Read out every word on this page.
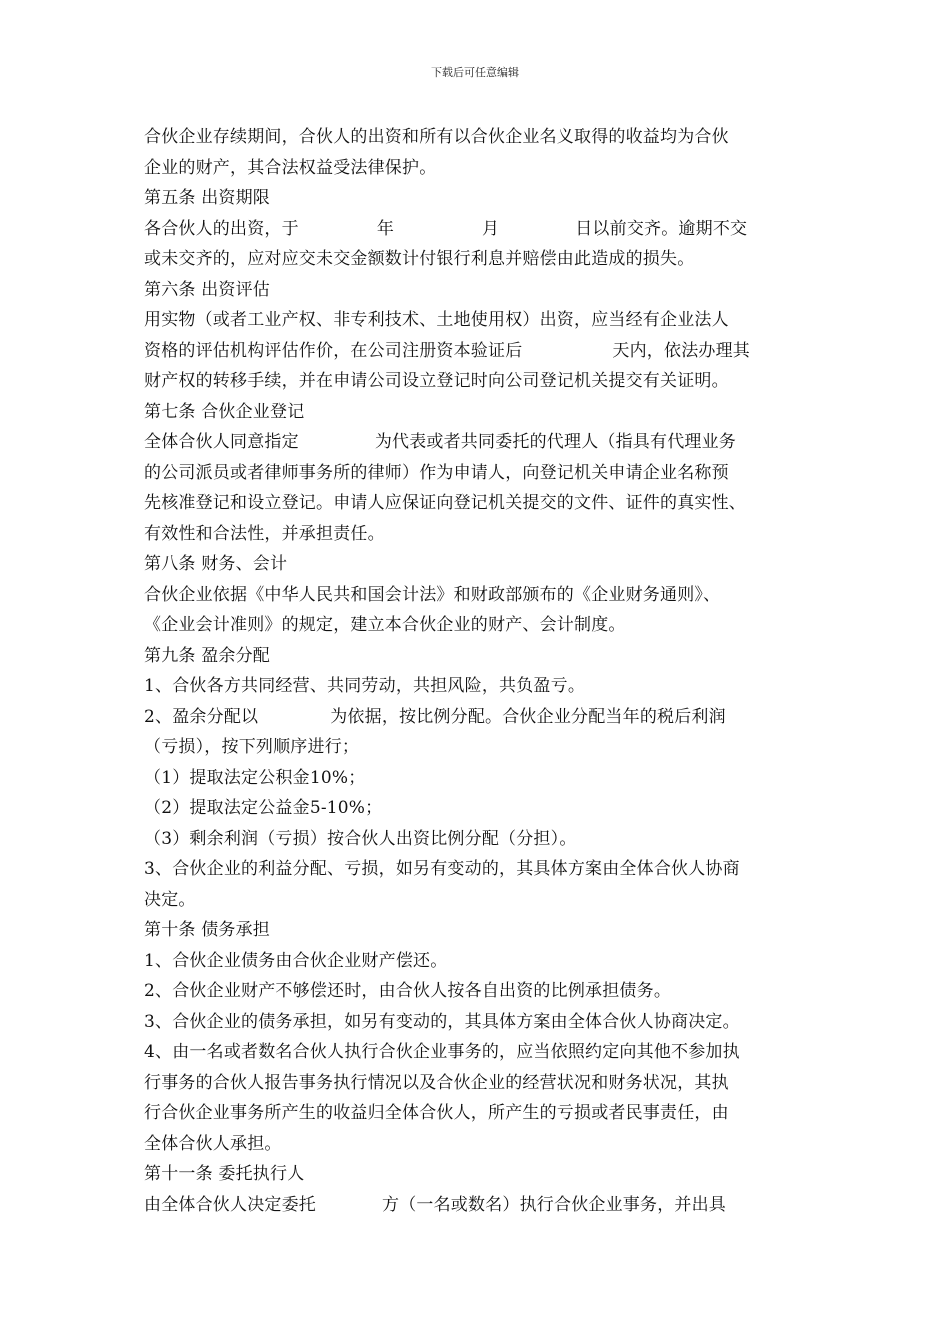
下载后可任意编辑
合伙企业存续期间，合伙人的出资和所有以合伙企业名义取得的收益均为合伙
企业的财产，其合法权益受法律保护。
第五条 出资期限
各合伙人的出资，于	年	月	日以前交齐。逾期不交
或未交齐的，应对应交未交金额数计付银行利息并赔偿由此造成的损失。
第六条 出资评估
用实物（或者工业产权、非专利技术、土地使用权）出资，应当经有企业法人
资格的评估机构评估作价，在公司注册资本验证后	天内，依法办理其
财产权的转移手续，并在申请公司设立登记时向公司登记机关提交有关证明。
第七条 合伙企业登记
全体合伙人同意指定	为代表或者共同委托的代理人（指具有代理业务
的公司派员或者律师事务所的律师）作为申请人，向登记机关申请企业名称预
先核准登记和设立登记。申请人应保证向登记机关提交的文件、证件的真实性、
有效性和合法性，并承担责任。
第八条 财务、会计
合伙企业依据《中华人民共和国会计法》和财政部颁布的《企业财务通则》、
《企业会计准则》的规定，建立本合伙企业的财产、会计制度。
第九条 盈余分配
1、合伙各方共同经营、共同劳动，共担风险，共负盈亏。
2、盈余分配以	为依据，按比例分配。合伙企业分配当年的税后利润
（亏损），按下列顺序进行；
（1）提取法定公积金10%；
（2）提取法定公益金5-10%；
（3）剩余利润（亏损）按合伙人出资比例分配（分担）。
3、合伙企业的利益分配、亏损，如另有变动的，其具体方案由全体合伙人协商
决定。
第十条 债务承担
1、合伙企业债务由合伙企业财产偿还。
2、合伙企业财产不够偿还时，由合伙人按各自出资的比例承担债务。
3、合伙企业的债务承担，如另有变动的，其具体方案由全体合伙人协商决定。
4、由一名或者数名合伙人执行合伙企业事务的，应当依照约定向其他不参加执
行事务的合伙人报告事务执行情况以及合伙企业的经营状况和财务状况，其执
行合伙企业事务所产生的收益归全体合伙人，所产生的亏损或者民事责任，由
全体合伙人承担。
第十一条 委托执行人
由全体合伙人决定委托	方（一名或数名）执行合伙企业事务，并出具
